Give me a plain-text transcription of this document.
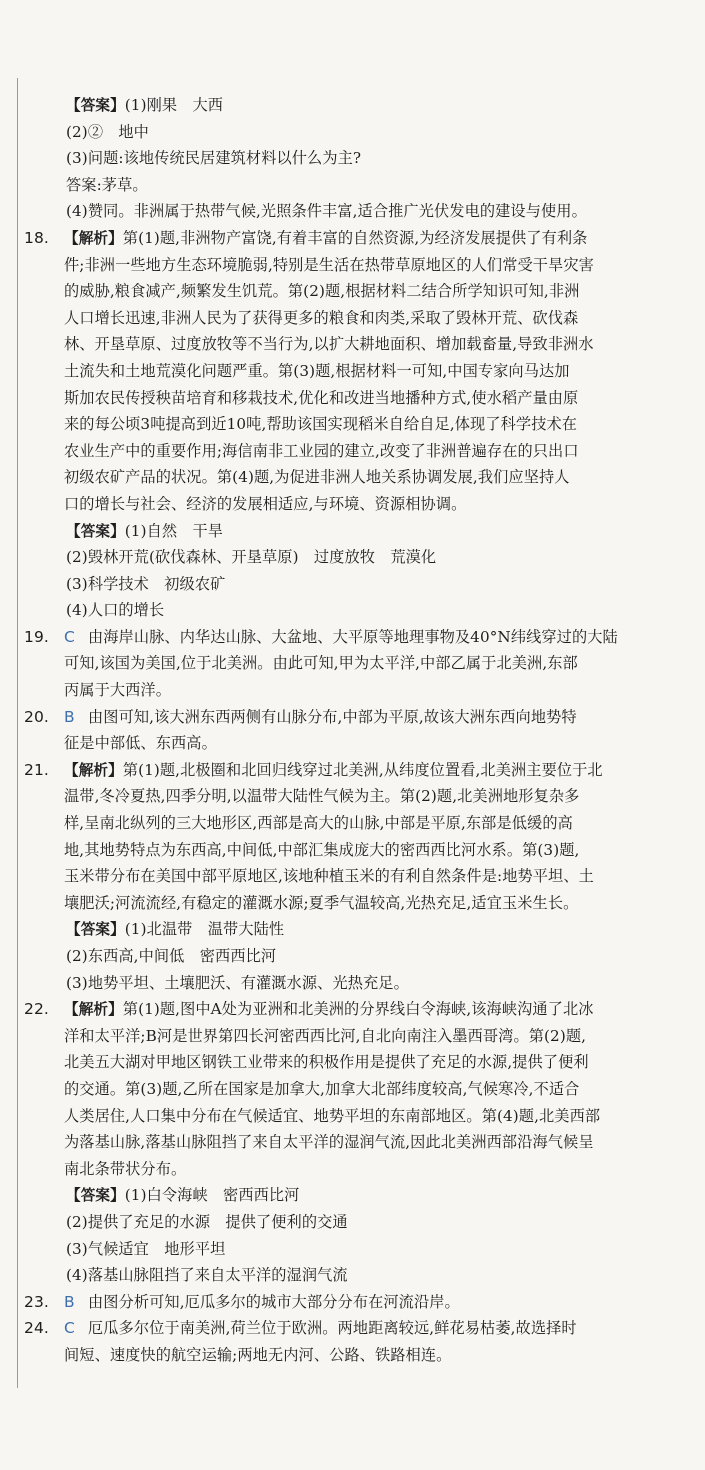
【答案】(1)刚果　大西
(2)②　地中
(3)问题:该地传统民居建筑材料以什么为主?
答案:茅草。
(4)赞同。非洲属于热带气候,光照条件丰富,适合推广光伏发电的建设与使用。
18. 【解析】第(1)题,非洲物产富饶,有着丰富的自然资源,为经济发展提供了有利条
件;非洲一些地方生态环境脆弱,特别是生活在热带草原地区的人们常受干旱灾害
的威胁,粮食减产,频繁发生饥荒。第(2)题,根据材料二结合所学知识可知,非洲
人口增长迅速,非洲人民为了获得更多的粮食和肉类,采取了毁林开荒、砍伐森
林、开垦草原、过度放牧等不当行为,以扩大耕地面积、增加载畜量,导致非洲水
土流失和土地荒漠化问题严重。第(3)题,根据材料一可知,中国专家向马达加
斯加农民传授秧苗培育和移栽技术,优化和改进当地播种方式,使水稻产量由原
来的每公顷3吨提高到近10吨,帮助该国实现稻米自给自足,体现了科学技术在
农业生产中的重要作用;海信南非工业园的建立,改变了非洲普遍存在的只出口
初级农矿产品的状况。第(4)题,为促进非洲人地关系协调发展,我们应坚持人
口的增长与社会、经济的发展相适应,与环境、资源相协调。
【答案】(1)自然　干旱
(2)毁林开荒(砍伐森林、开垦草原)　过度放牧　荒漠化
(3)科学技术　初级农矿
(4)人口的增长
19. C 由海岸山脉、内华达山脉、大盆地、大平原等地理事物及40°N纬线穿过的大陆
可知,该国为美国,位于北美洲。由此可知,甲为太平洋,中部乙属于北美洲,东部
丙属于大西洋。
20. B 由图可知,该大洲东西两侧有山脉分布,中部为平原,故该大洲东西向地势特
征是中部低、东西高。
21. 【解析】第(1)题,北极圈和北回归线穿过北美洲,从纬度位置看,北美洲主要位于北
温带,冬冷夏热,四季分明,以温带大陆性气候为主。第(2)题,北美洲地形复杂多
样,呈南北纵列的三大地形区,西部是高大的山脉,中部是平原,东部是低缓的高
地,其地势特点为东西高,中间低,中部汇集成庞大的密西西比河水系。第(3)题,
玉米带分布在美国中部平原地区,该地种植玉米的有利自然条件是:地势平坦、土
壤肥沃;河流流经,有稳定的灌溉水源;夏季气温较高,光热充足,适宜玉米生长。
【答案】(1)北温带　温带大陆性
(2)东西高,中间低　密西西比河
(3)地势平坦、土壤肥沃、有灌溉水源、光热充足。
22. 【解析】第(1)题,图中A处为亚洲和北美洲的分界线白令海峡,该海峡沟通了北冰
洋和太平洋;B河是世界第四长河密西西比河,自北向南注入墨西哥湾。第(2)题,
北美五大湖对甲地区钢铁工业带来的积极作用是提供了充足的水源,提供了便利
的交通。第(3)题,乙所在国家是加拿大,加拿大北部纬度较高,气候寒冷,不适合
人类居住,人口集中分布在气候适宜、地势平坦的东南部地区。第(4)题,北美西部
为落基山脉,落基山脉阻挡了来自太平洋的湿润气流,因此北美洲西部沿海气候呈
南北条带状分布。
【答案】(1)白令海峡　密西西比河
(2)提供了充足的水源　提供了便利的交通
(3)气候适宜　地形平坦
(4)落基山脉阻挡了来自太平洋的湿润气流
23. B 由图分析可知,厄瓜多尔的城市大部分分布在河流沿岸。
24. C 厄瓜多尔位于南美洲,荷兰位于欧洲。两地距离较远,鲜花易枯萎,故选择时
间短、速度快的航空运输;两地无内河、公路、铁路相连。
